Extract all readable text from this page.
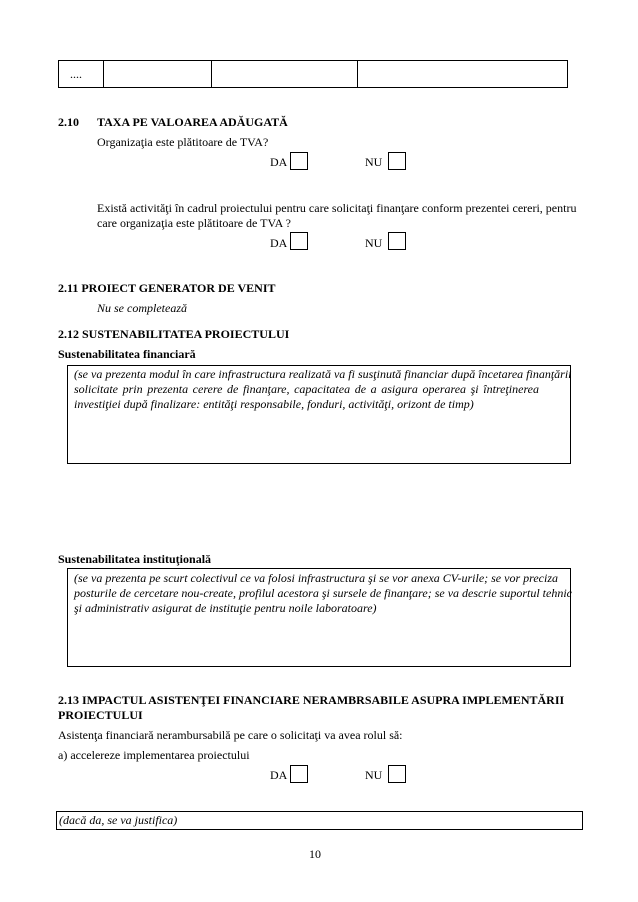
....
2.10 TAXA PE VALOAREA ADĂUGATĂ
Organizaţia este plătitoare de TVA?
DA	NU
Există activităţi în cadrul proiectului pentru care solicitaţi finanţare conform prezentei cereri, pentru
care organizaţia este plătitoare de TVA ?
DA	NU
2.11 PROIECT GENERATOR DE VENIT
Nu se completează
2.12 SUSTENABILITATEA PROIECTULUI
Sustenabilitatea financiară
(se va prezenta modul în care infrastructura realizată va fi susţinută financiar după încetarea finanţării
solicitate prin prezenta cerere de finanţare, capacitatea de a asigura operarea şi întreţinerea
investiţiei după finalizare: entităţi responsabile, fonduri, activităţi, orizont de timp)
Sustenabilitatea instituţională
(se va prezenta pe scurt colectivul ce va folosi infrastructura şi se vor anexa CV-urile; se vor preciza
posturile de cercetare nou-create, profilul acestora şi sursele de finanţare; se va descrie suportul tehnic
şi administrativ asigurat de instituţie pentru noile laboratoare)
2.13 IMPACTUL ASISTENŢEI FINANCIARE NERAMBRSABILE ASUPRA IMPLEMENTĂRII
PROIECTULUI
Asistenţa financiară nerambursabilă pe care o solicitaţi va avea rolul să:
a) accelereze implementarea proiectului
DA	NU
(dacă da, se va justifica)
10
